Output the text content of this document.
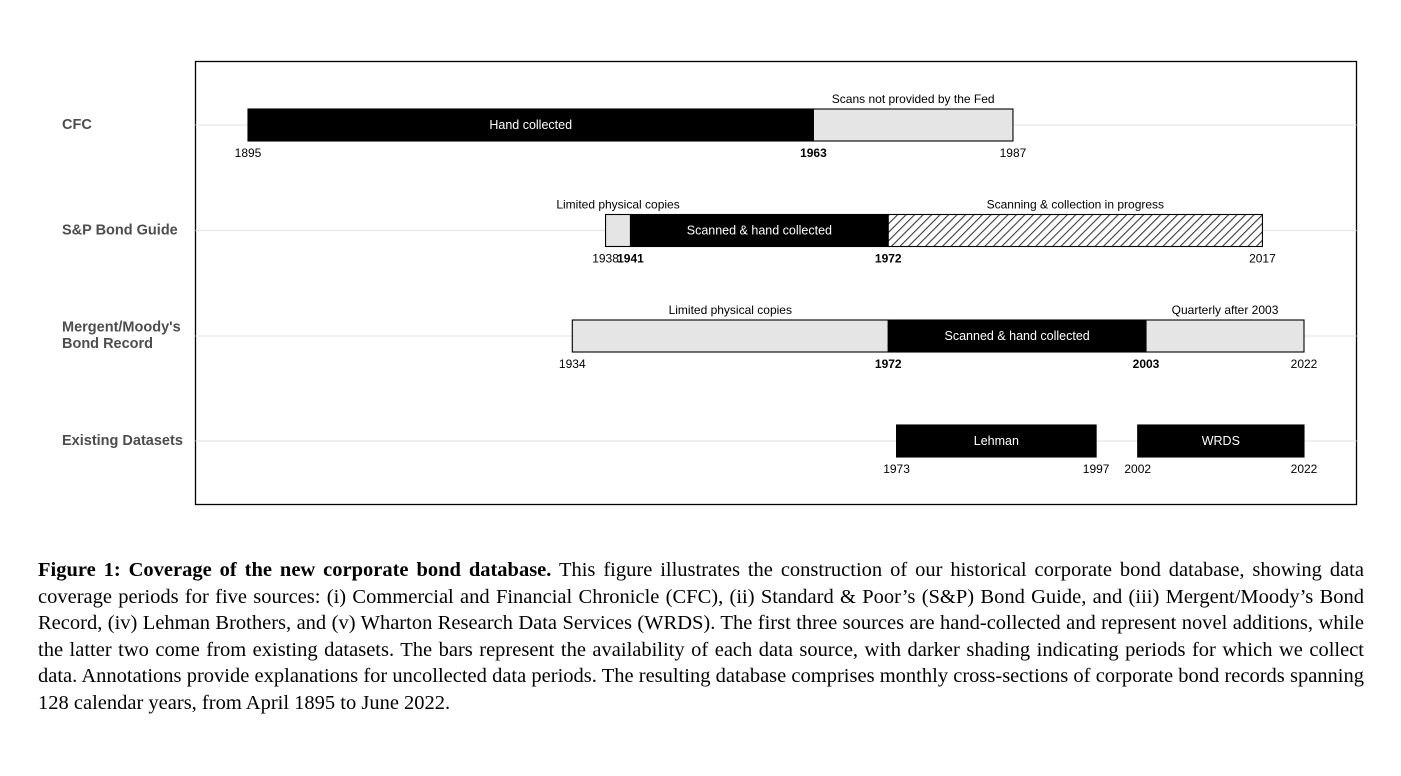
CFC	Hand collected
Scans not provided by the Fed
1895	1963	1987
S&P Bond Guide
Limited physical copies
Scanned & hand collected
Scanning & collection in progress
1938
1941	1972	2017
Mergent/Moody's
Bond Record
Limited physical copies
Scanned & hand collected
Quarterly after 2003
1934	1972	2003	2022
Existing Datasets	Lehman	WRDS
1973	1997 2002	2022
Figure 1: Coverage of the new corporate bond database. This figure illustrates the construction of our historical corporate bond database, showing data coverage periods for five sources: (i) Commercial and Financial Chronicle (CFC), (ii) Standard & Poor’s (S&P) Bond Guide, and (iii) Mergent/Moody’s Bond Record, (iv) Lehman Brothers, and (v) Wharton Research Data Services (WRDS). The first three sources are hand-collected and represent novel additions, while the latter two come from existing datasets. The bars represent the availability of each data source, with darker shading indicating periods for which we collect data. Annotations provide explanations for uncollected data periods. The resulting database comprises monthly cross-sections of corporate bond records spanning 128 calendar years, from April 1895 to June 2022.
